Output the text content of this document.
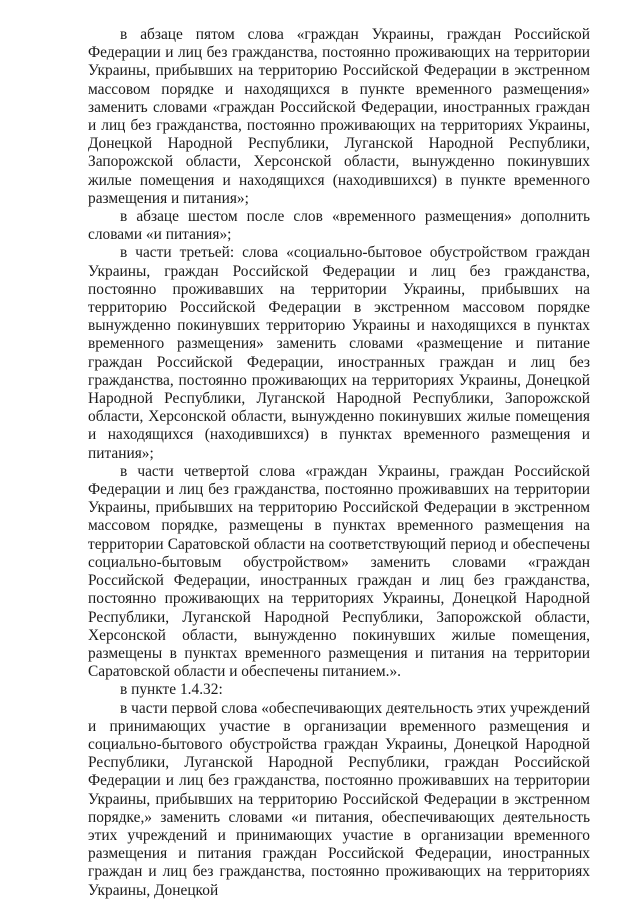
в абзаце пятом слова «граждан Украины, граждан Российской Федерации и лиц без гражданства, постоянно проживающих на территории Украины, прибывших на территорию Российской Федерации в экстренном массовом порядке и находящихся в пункте временного размещения» заменить словами «граждан Российской Федерации, иностранных граждан и лиц без гражданства, постоянно проживающих на территориях Украины, Донецкой Народной Республики, Луганской Народной Республики, Запорожской области, Херсонской области, вынужденно покинувших жилые помещения и находящихся (находившихся) в пункте временного размещения и питания»;

в абзаце шестом после слов «временного размещения» дополнить словами «и питания»;

в части третьей: слова «социально-бытовое обустройством граждан Украины, граждан Российской Федерации и лиц без гражданства, постоянно проживавших на территории Украины, прибывших на территорию Российской Федерации в экстренном массовом порядке вынужденно покинувших территорию Украины и находящихся в пунктах временного размещения» заменить словами «размещение и питание граждан Российской Федерации, иностранных граждан и лиц без гражданства, постоянно проживающих на территориях Украины, Донецкой Народной Республики, Луганской Народной Республики, Запорожской области, Херсонской области, вынужденно покинувших жилые помещения и находящихся (находившихся) в пунктах временного размещения и питания»;

в части четвертой слова «граждан Украины, граждан Российской Федерации и лиц без гражданства, постоянно проживавших на территории Украины, прибывших на территорию Российской Федерации в экстренном массовом порядке, размещены в пунктах временного размещения на территории Саратовской области на соответствующий период и обеспечены социально-бытовым обустройством» заменить словами «граждан Российской Федерации, иностранных граждан и лиц без гражданства, постоянно проживающих на территориях Украины, Донецкой Народной Республики, Луганской Народной Республики, Запорожской области, Херсонской области, вынужденно покинувших жилые помещения, размещены в пунктах временного размещения и питания на территории Саратовской области и обеспечены питанием.».

в пункте 1.4.32:

в части первой слова «обеспечивающих деятельность этих учреждений и принимающих участие в организации временного размещения и социально-бытового обустройства граждан Украины, Донецкой Народной Республики, Луганской Народной Республики, граждан Российской Федерации и лиц без гражданства, постоянно проживавших на территории Украины, прибывших на территорию Российской Федерации в экстренном порядке,» заменить словами «и питания, обеспечивающих деятельность этих учреждений и принимающих участие в организации временного размещения и питания граждан Российской Федерации, иностранных граждан и лиц без гражданства, постоянно проживающих на территориях Украины, Донецкой
